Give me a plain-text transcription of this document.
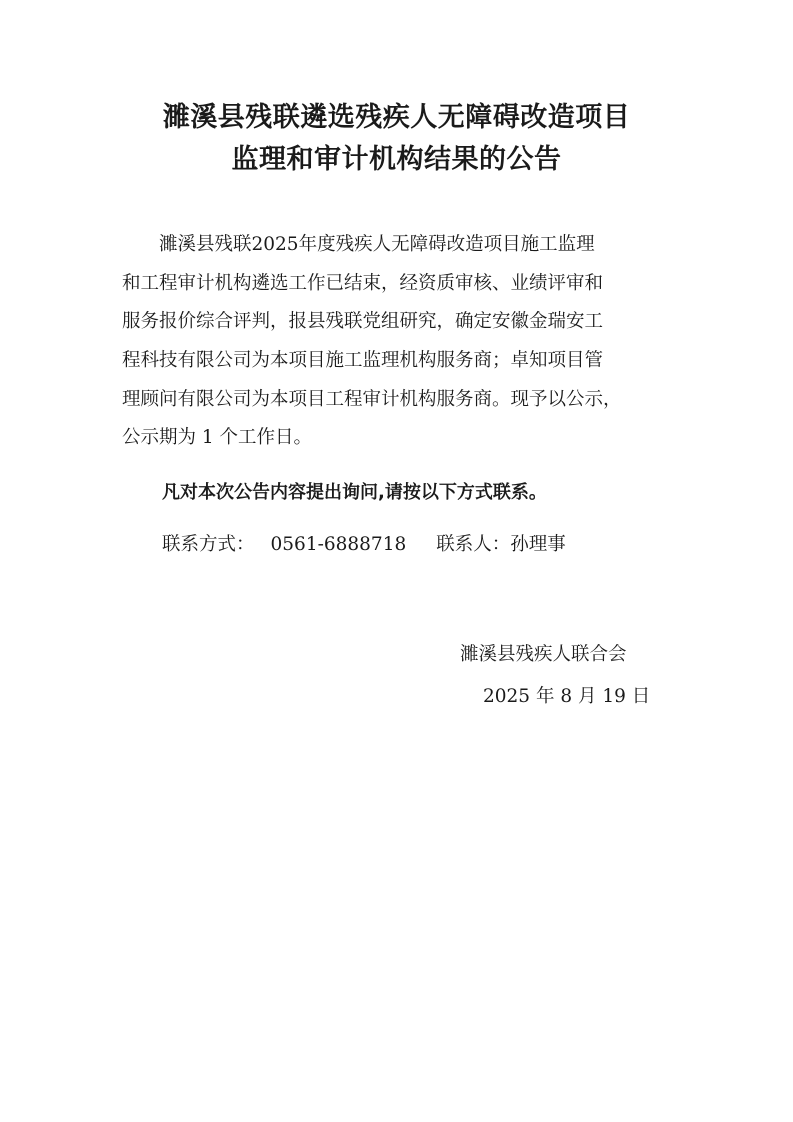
濉溪县残联遴选残疾人无障碍改造项目
监理和审计机构结果的公告
　　濉溪县残联2025年度残疾人无障碍改造项目施工监理
和工程审计机构遴选工作已结束，经资质审核、业绩评审和
服务报价综合评判，报县残联党组研究，确定安徽金瑞安工
程科技有限公司为本项目施工监理机构服务商；卓知项目管
理顾问有限公司为本项目工程审计机构服务商。现予以公示，
公示期为 1 个工作日。
凡对本次公告内容提出询问,请按以下方式联系。
联系方式： 0561-6888718 联系人：孙理事
濉溪县残疾人联合会
2025 年 8 月 19 日
